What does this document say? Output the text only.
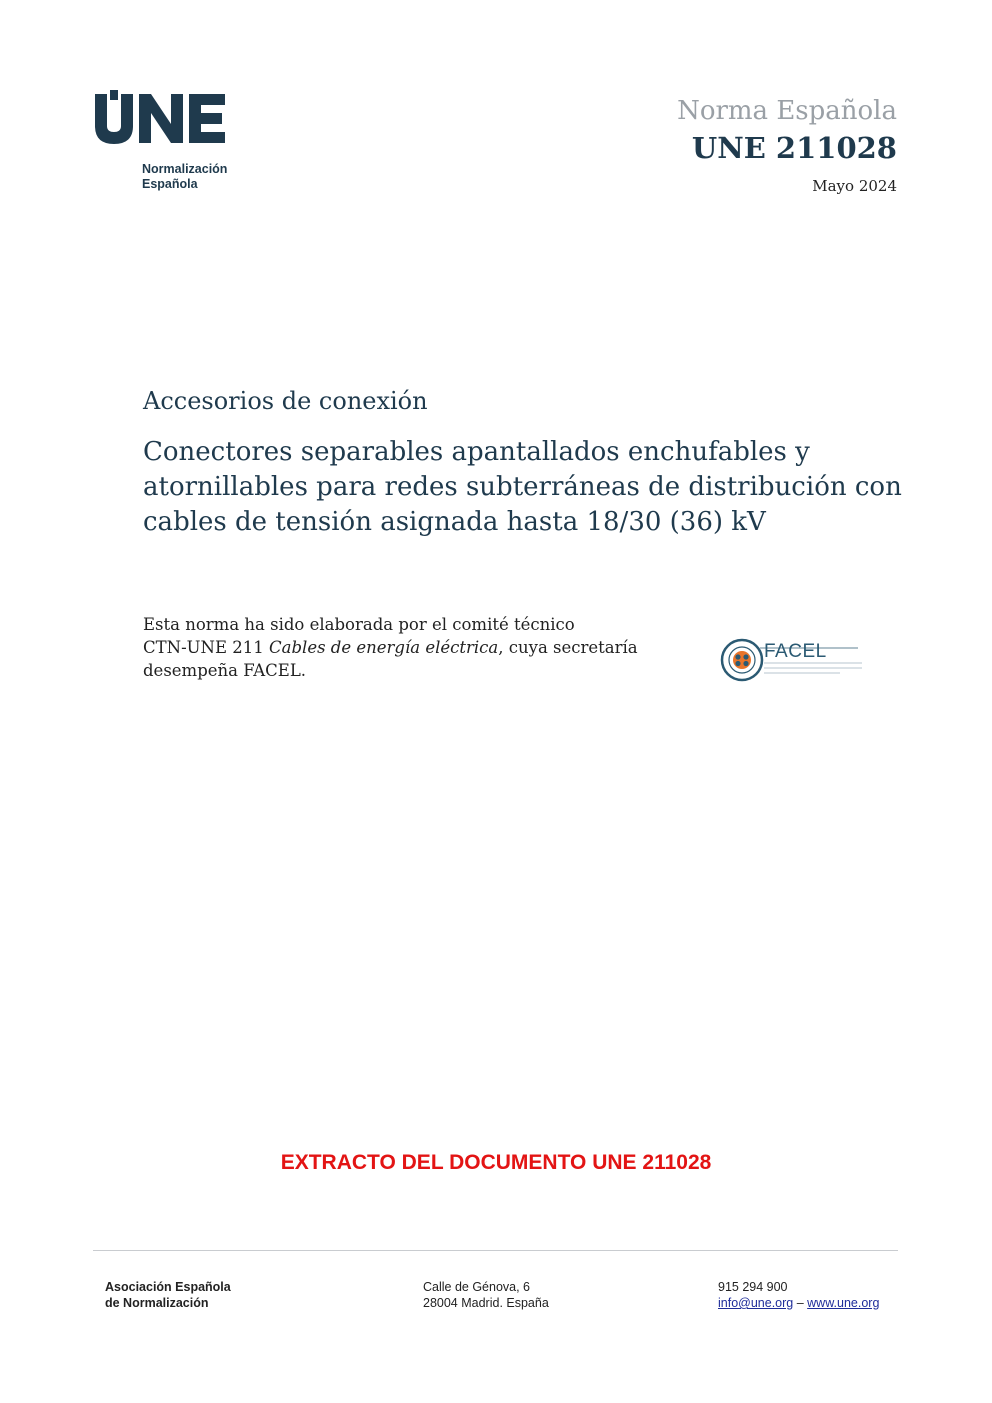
Normalización
Española
Norma Española
UNE 211028
Mayo 2024
Accesorios de conexión
Conectores separables apantallados enchufables y
atornillables para redes subterráneas de distribución con
cables de tensión asignada hasta 18/30 (36) kV
Esta norma ha sido elaborada por el comité técnico
CTN-UNE 211 Cables de energía eléctrica, cuya secretaría
desempeña FACEL.
FACEL
EXTRACTO DEL DOCUMENTO UNE 211028
Asociación Española
de Normalización
Calle de Génova, 6
28004 Madrid. España
915 294 900
info@une.org – www.une.org
